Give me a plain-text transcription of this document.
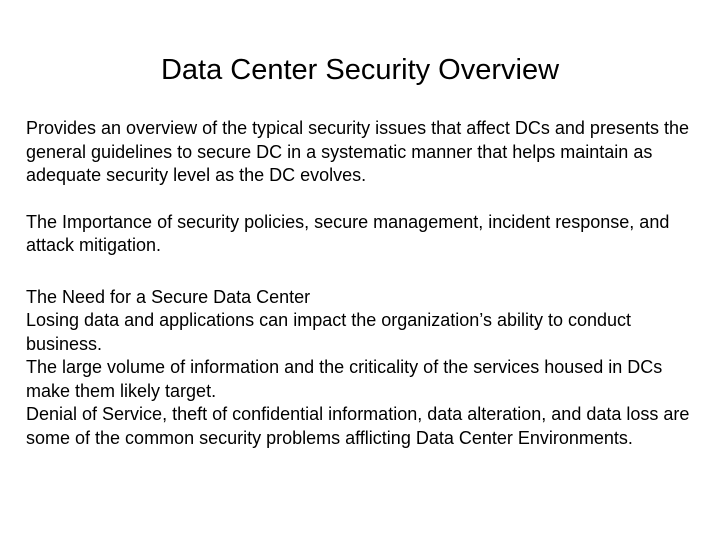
Data Center Security Overview

Provides an overview of the typical security issues that affect DCs and presents the general guidelines to secure DC in a systematic manner that helps maintain as adequate security level as the DC evolves.

The Importance of security policies, secure management, incident response, and attack mitigation.

The Need for a Secure Data Center

Losing data and applications can impact the organization’s ability to conduct business.

The large volume of information and the criticality of the services housed in DCs make them likely target.

Denial of Service, theft of confidential information, data alteration, and data loss are some of the common security problems afflicting Data Center Environments.
